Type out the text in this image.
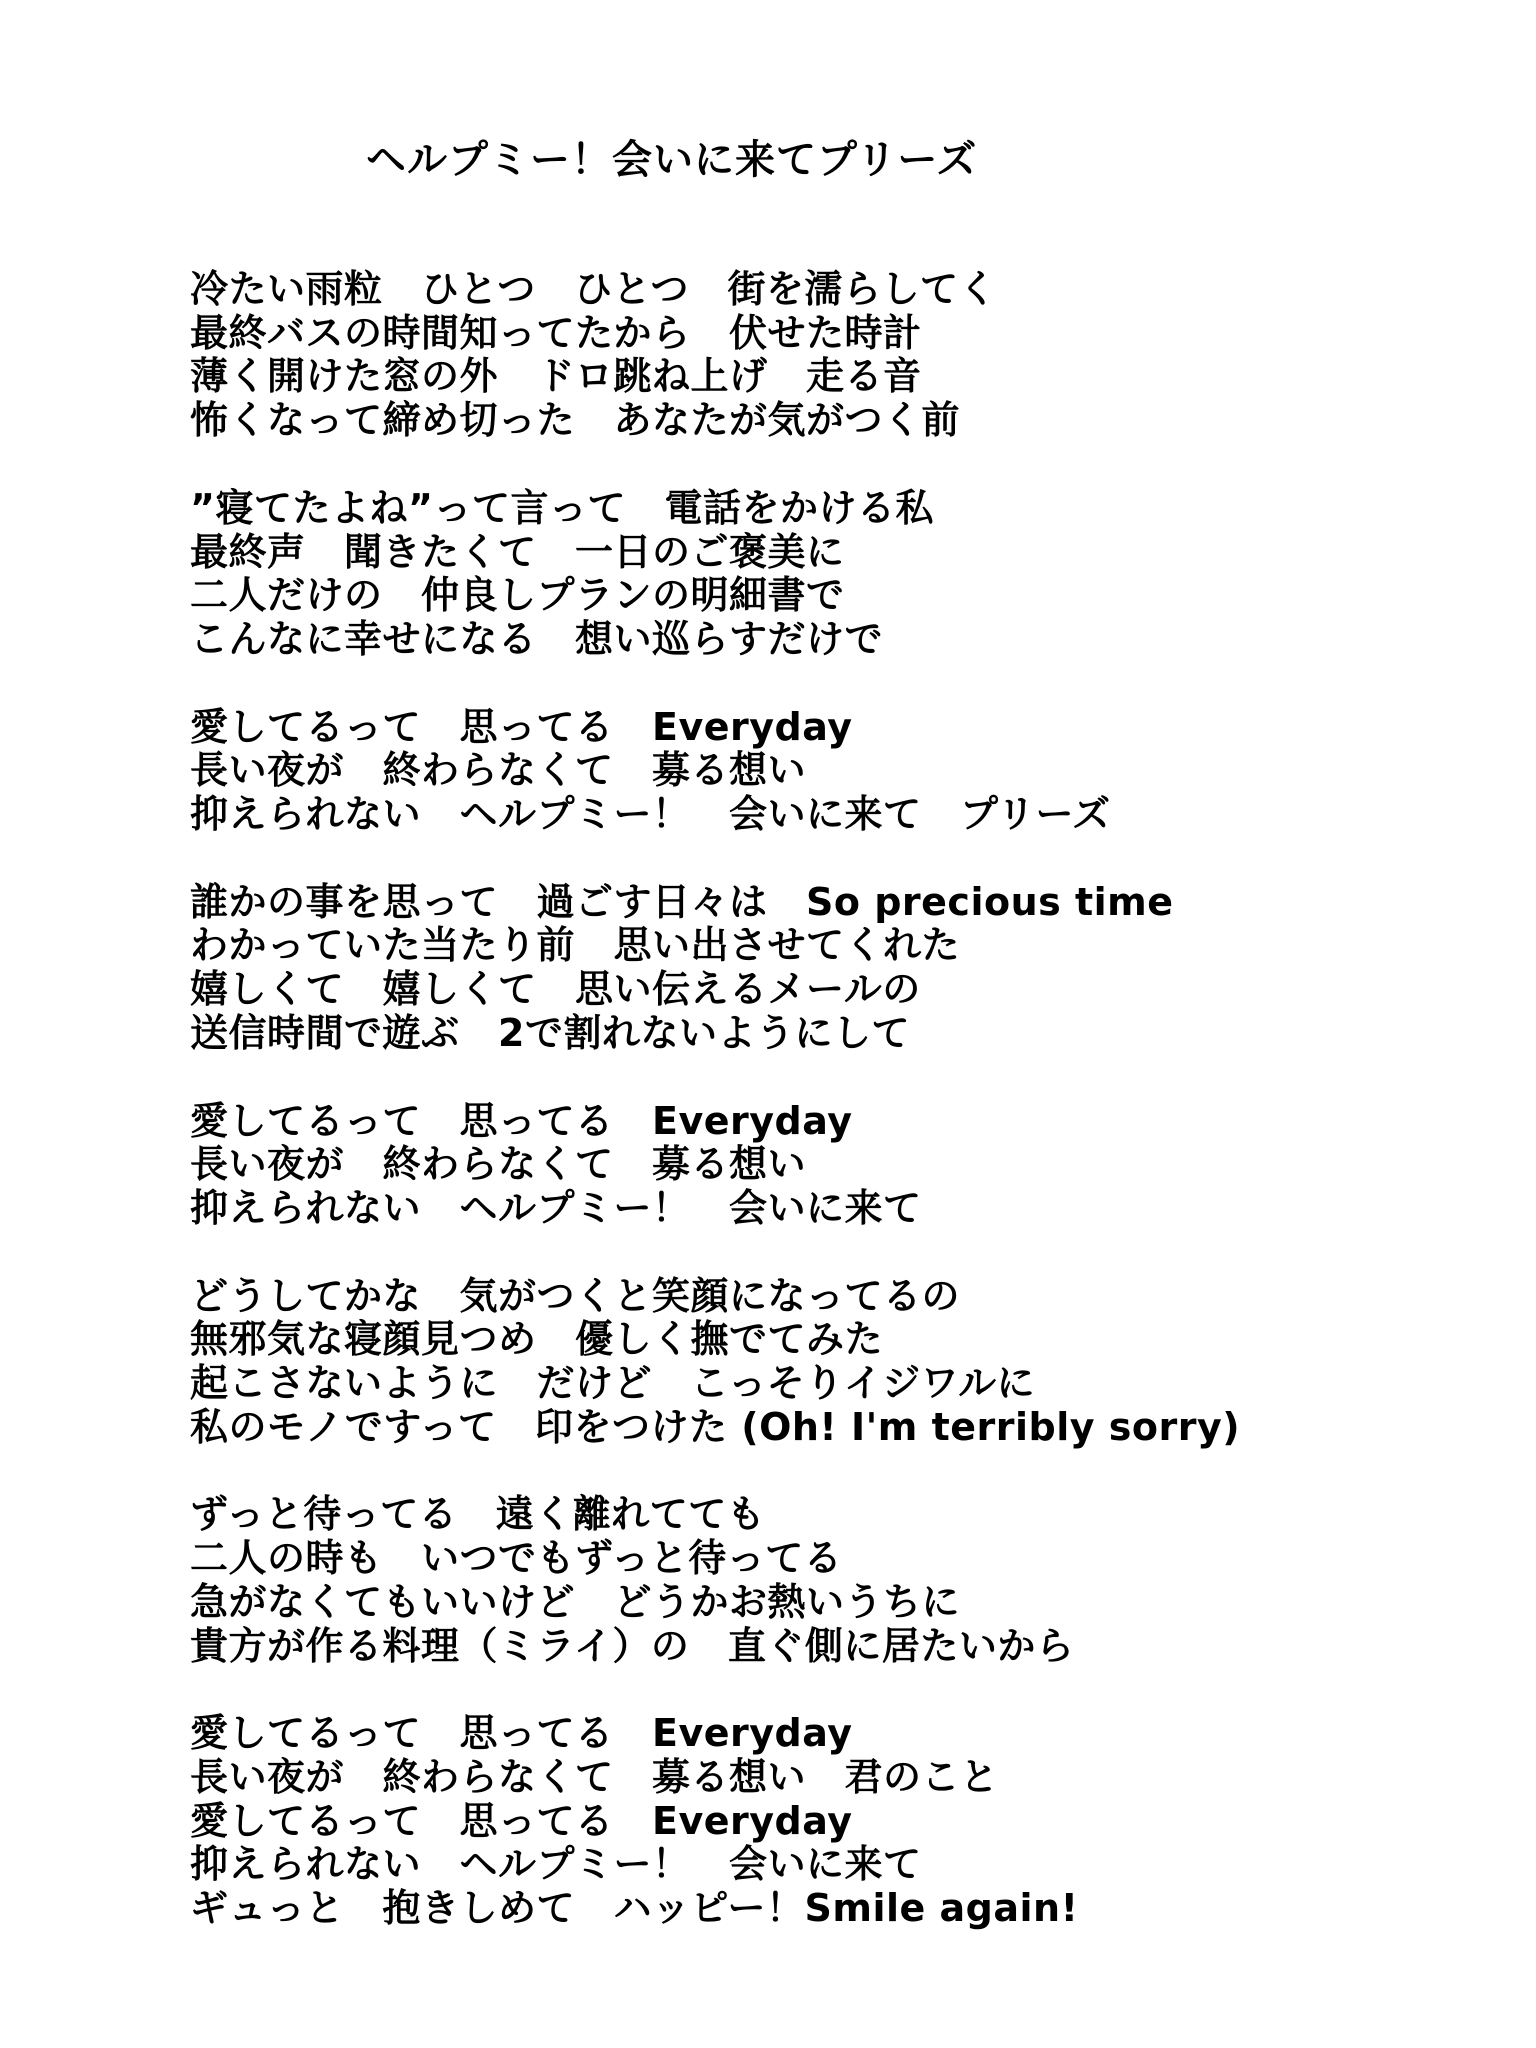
ヘルプミー！会いに来てプリーズ
冷たい雨粒　ひとつ　ひとつ　街を濡らしてく
最終バスの時間知ってたから　伏せた時計
薄く開けた窓の外　ドロ跳ね上げ　走る音
怖くなって締め切った　あなたが気がつく前
”寝てたよね”って言って　電話をかける私
最終声　聞きたくて　一日のご褒美に
二人だけの　仲良しプランの明細書で
こんなに幸せになる　想い巡らすだけで
愛してるって　思ってる　Everyday
長い夜が　終わらなくて　募る想い
抑えられない　ヘルプミー！　会いに来て　プリーズ
誰かの事を思って　過ごす日々は　So precious time
わかっていた当たり前　思い出させてくれた
嬉しくて　嬉しくて　思い伝えるメールの
送信時間で遊ぶ　2で割れないようにして
愛してるって　思ってる　Everyday
長い夜が　終わらなくて　募る想い
抑えられない　ヘルプミー！　会いに来て
どうしてかな　気がつくと笑顔になってるの
無邪気な寝顔見つめ　優しく撫でてみた
起こさないように　だけど　こっそりイジワルに
私のモノですって　印をつけた (Oh! I'm terribly sorry)
ずっと待ってる　遠く離れてても
二人の時も　いつでもずっと待ってる
急がなくてもいいけど　どうかお熱いうちに
貴方が作る料理（ミライ）の　直ぐ側に居たいから
愛してるって　思ってる　Everyday
長い夜が　終わらなくて　募る想い　君のこと
愛してるって　思ってる　Everyday
抑えられない　ヘルプミー！　会いに来て
ギュっと　抱きしめて　ハッピー！Smile again!
